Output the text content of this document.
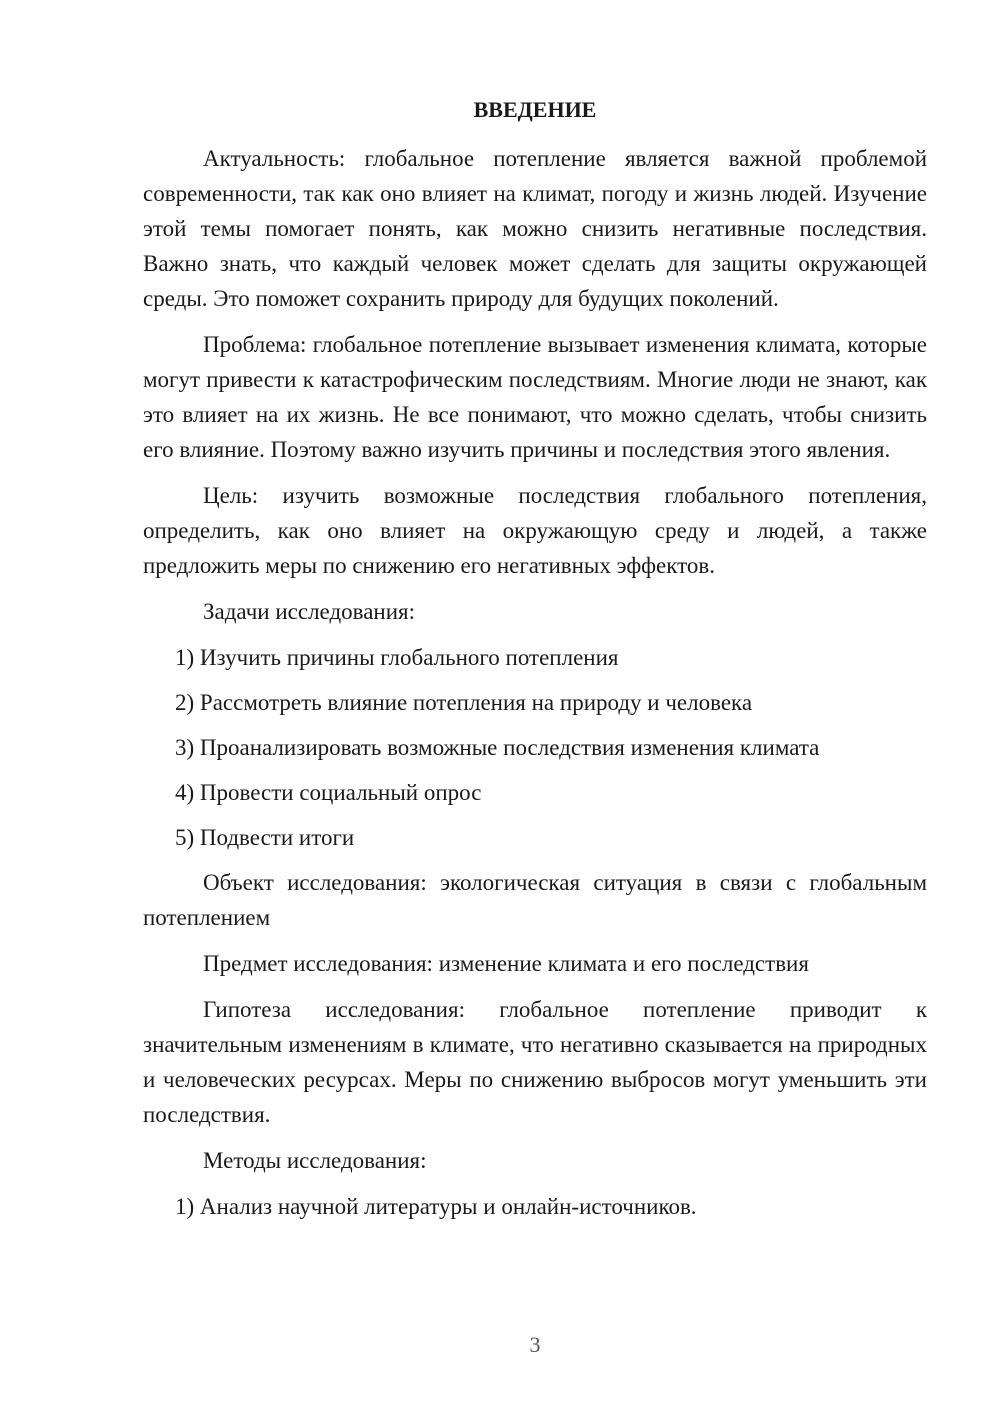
ВВЕДЕНИЕ

Актуальность: глобальное потепление является важной проблемой современности, так как оно влияет на климат, погоду и жизнь людей. Изучение этой темы помогает понять, как можно снизить негативные последствия. Важно знать, что каждый человек может сделать для защиты окружающей среды. Это поможет сохранить природу для будущих поколений.

Проблема: глобальное потепление вызывает изменения климата, которые могут привести к катастрофическим последствиям. Многие люди не знают, как это влияет на их жизнь. Не все понимают, что можно сделать, чтобы снизить его влияние. Поэтому важно изучить причины и последствия этого явления.

Цель: изучить возможные последствия глобального потепления, определить, как оно влияет на окружающую среду и людей, а также предложить меры по снижению его негативных эффектов.

Задачи исследования:

1) Изучить причины глобального потепления

2) Рассмотреть влияние потепления на природу и человека

3) Проанализировать возможные последствия изменения климата

4) Провести социальный опрос

5) Подвести итоги

Объект исследования: экологическая ситуация в связи с глобальным потеплением

Предмет исследования: изменение климата и его последствия

Гипотеза исследования: глобальное потепление приводит к значительным изменениям в климате, что негативно сказывается на природных и человеческих ресурсах. Меры по снижению выбросов могут уменьшить эти последствия.

Методы исследования:

1) Анализ научной литературы и онлайн-источников.

3
